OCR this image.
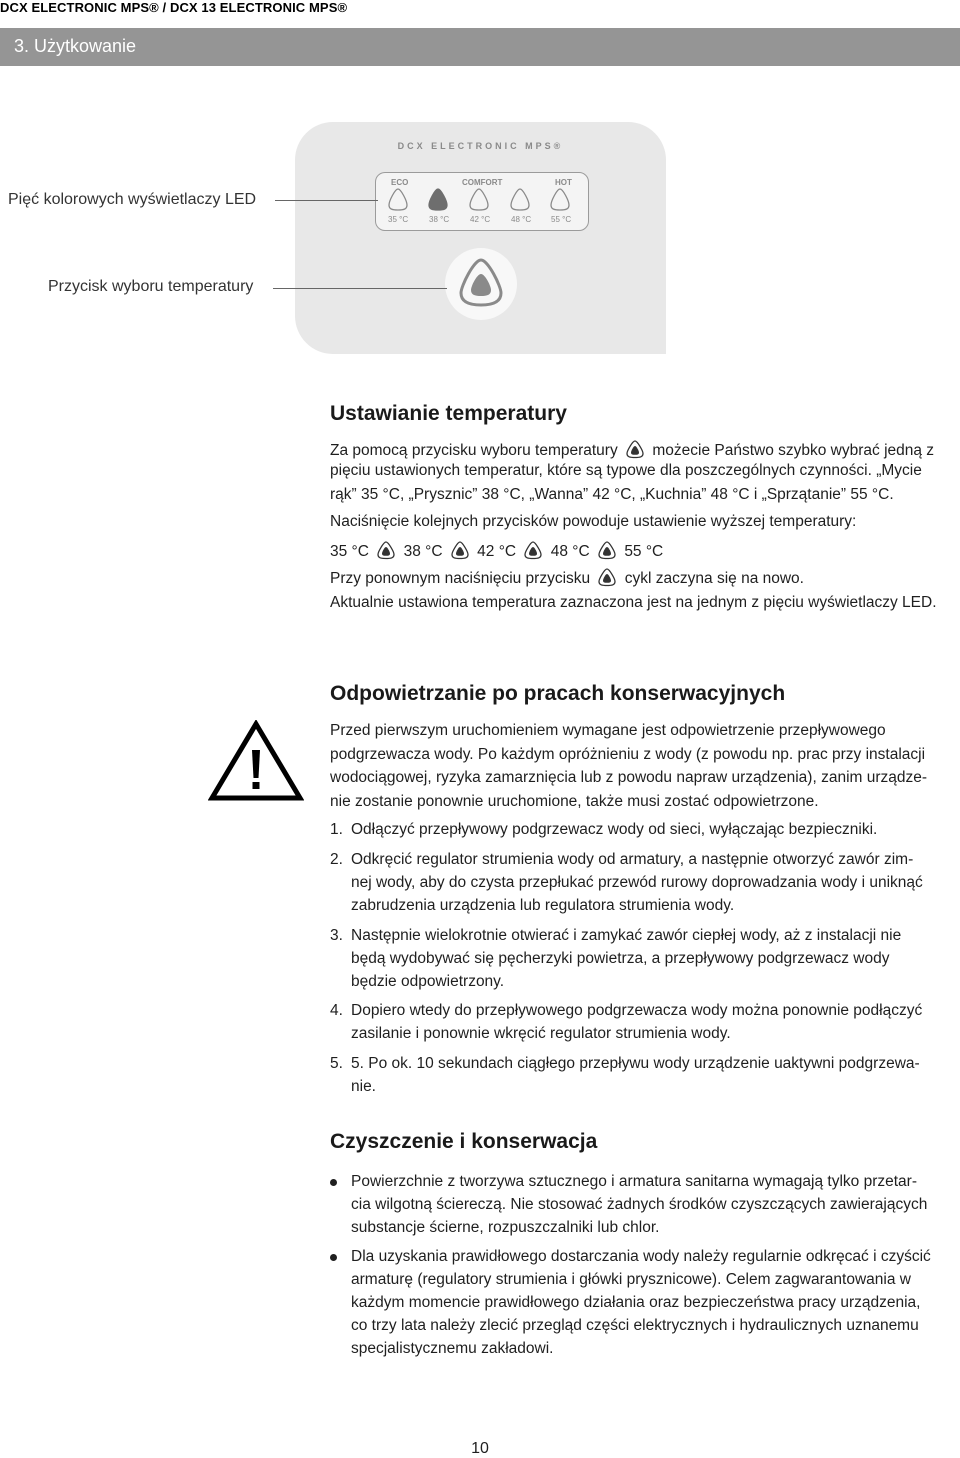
DCX ELECTRONIC MPS® / DCX 13 ELECTRONIC MPS®
3. Użytkowanie
DCX ELECTRONIC MPS®
ECO	COMFORT	HOT
35 °C	38 °C	42 °C	48 °C 55 °C
Pięć kolorowych wyświetlaczy LED
Przycisk wyboru temperatury
Ustawianie temperatury
Za pomocą przycisku wyboru temperatury możecie Państwo szybko wybrać jedną z
pięciu ustawionych temperatur, które są typowe dla poszczególnych czynności. „Mycie
rąk” 35 °C, „Prysznic” 38 °C, „Wanna” 42 °C, „Kuchnia” 48 °C i „Sprzątanie” 55 °C.
Naciśnięcie kolejnych przycisków powoduje ustawienie wyższej temperatury:
35 °C 38 °C 42 °C 48 °C 55 °C
Przy ponownym naciśnięciu przycisku cykl zaczyna się na nowo.
Aktualnie ustawiona temperatura zaznaczona jest na jednym z pięciu wyświetlaczy LED.
Odpowietrzanie po pracach konserwacyjnych
Przed pierwszym uruchomieniem wymagane jest odpowietrzenie przepływowego
podgrzewacza wody. Po każdym opróżnieniu z wody (z powodu np. prac przy instalacji
wodociągowej, ryzyka zamarznięcia lub z powodu napraw urządzenia), zanim urządze-
nie zostanie ponownie uruchomione, także musi zostać odpowietrzone.
1. Odłączyć przepływowy podgrzewacz wody od sieci, wyłączając bezpieczniki.
2. Odkręcić regulator strumienia wody od armatury, a następnie otworzyć zawór zim-
nej wody, aby do czysta przepłukać przewód rurowy doprowadzania wody i uniknąć
zabrudzenia urządzenia lub regulatora strumienia wody.
3. Następnie wielokrotnie otwierać i zamykać zawór ciepłej wody, aż z instalacji nie
będą wydobywać się pęcherzyki powietrza, a przepływowy podgrzewacz wody
będzie odpowietrzony.
4. Dopiero wtedy do przepływowego podgrzewacza wody można ponownie podłączyć
zasilanie i ponownie wkręcić regulator strumienia wody.
5. 5. Po ok. 10 sekundach ciągłego przepływu wody urządzenie uaktywni podgrzewa-
nie.
Czyszczenie i konserwacja
Powierzchnie z tworzywa sztucznego i armatura sanitarna wymagają tylko przetar-
cia wilgotną ściereczą. Nie stosować żadnych środków czyszczących zawierających
substancje ścierne, rozpuszczalniki lub chlor.
Dla uzyskania prawidłowego dostarczania wody należy regularnie odkręcać i czyścić
armaturę (regulatory strumienia i główki prysznicowe). Celem zagwarantowania w
każdym momencie prawidłowego działania oraz bezpieczeństwa pracy urządzenia,
co trzy lata należy zlecić przegląd części elektrycznych i hydraulicznych uznanemu
specjalistycznemu zakładowi.
10
